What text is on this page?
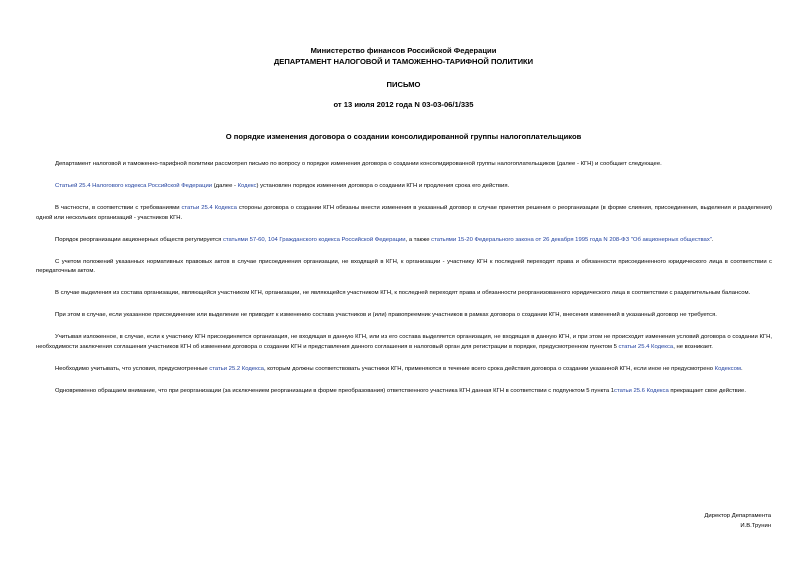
Министерство финансов Российской Федерации
ДЕПАРТАМЕНТ НАЛОГОВОЙ И ТАМОЖЕННО-ТАРИФНОЙ ПОЛИТИКИ
ПИСЬМО
от 13 июля 2012 года N 03-03-06/1/335
О порядке изменения договора о создании консолидированной группы налогоплательщиков

Департамент налоговой и таможенно-тарифной политики рассмотрел письмо по вопросу о порядке изменения договора о создании консолидированной группы налогоплательщиков (далее - КГН) и сообщает следующее.

Статьей 25.4 Налогового кодекса Российской Федерации (далее - Кодекс) установлен порядок изменения договора о создании КГН и продления срока его действия.

В частности, в соответствии с требованиями статьи 25.4 Кодекса стороны договора о создании КГН обязаны внести изменения в указанный договор в случае принятия решения о реорганизации (в форме слияния, присоединения, выделения и разделения) одной или нескольких организаций - участников КГН.

Порядок реорганизации акционерных обществ регулируется статьями 57-60, 104 Гражданского кодекса Российской Федерации, а также статьями 15-20 Федерального закона от 26 декабря 1995 года N 208-ФЗ "Об акционерных обществах".

С учетом положений указанных нормативных правовых актов в случае присоединения организации, не входящей в КГН, к организации - участнику КГН к последней переходят права и обязанности присоединенного юридического лица в соответствии с передаточным актом.

В случае выделения из состава организации, являющейся участником КГН, организации, не являющейся участником КГН, к последней переходят права и обязанности реорганизованного юридического лица в соответствии с разделительным балансом.

При этом в случае, если указанное присоединение или выделение не приводит к изменению состава участников и (или) правопреемник участников в рамках договора о создании КГН, внесения изменений в указанный договор не требуется.

Учитывая изложенное, в случае, если к участнику КГН присоединяется организация, не входящая в данную КГН, или из его состава выделяется организация, не входящая в данную КГН, и при этом не происходит изменения условий договора о создании КГН, необходимости заключения соглашения участников КГН об изменении договора о создании КГН и представления данного соглашения в налоговый орган для регистрации в порядке, предусмотренном пунктом 5 статьи 25.4 Кодекса, не возникает.

Необходимо учитывать, что условия, предусмотренные статьи 25.2 Кодекса, которым должны соответствовать участники КГН, применяются в течение всего срока действия договора о создании указанной КГН, если иное не предусмотрено Кодексом.

Одновременно обращаем внимание, что при реорганизации (за исключением реорганизации в форме преобразования) ответственного участника КГН данная КГН в соответствии с подпунктом 5 пункта 1статьи 25.6 Кодекса прекращает свое действие.

Директор Департамента
И.В.Трунин
